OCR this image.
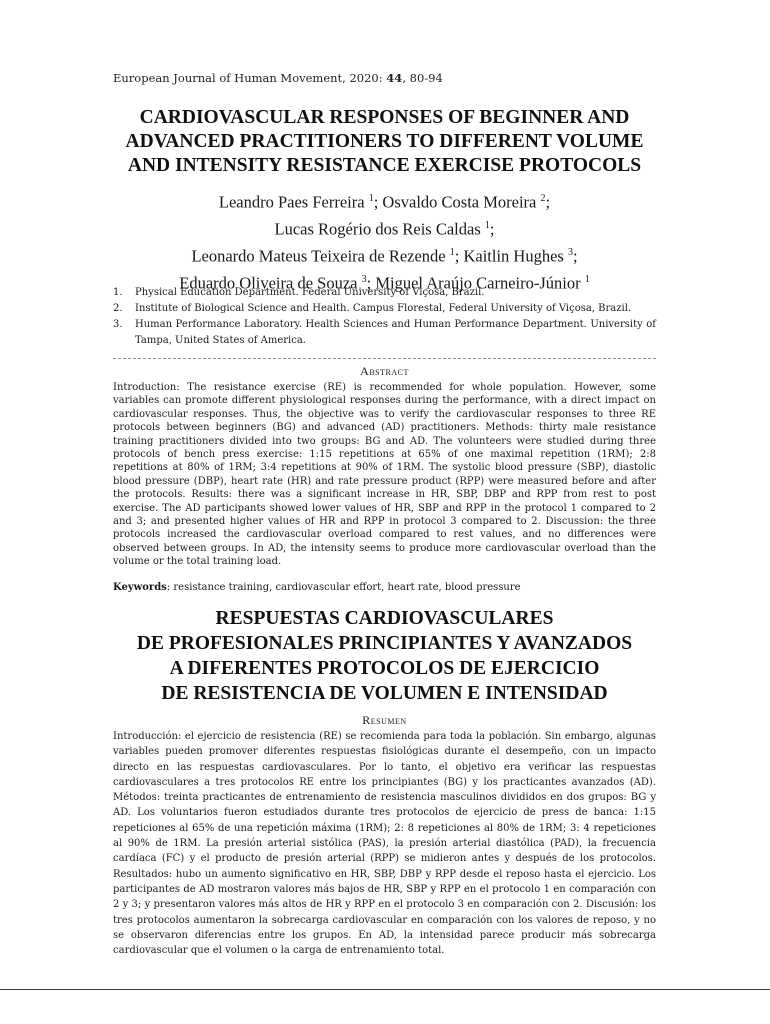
European Journal of Human Movement, 2020: 44, 80-94
CARDIOVASCULAR RESPONSES OF BEGINNER AND
ADVANCED PRACTITIONERS TO DIFFERENT VOLUME
AND INTENSITY RESISTANCE EXERCISE PROTOCOLS
Leandro Paes Ferreira $^1$; Osvaldo Costa Moreira $^2$;
Lucas Rogério dos Reis Caldas $^1$;
Leonardo Mateus Teixeira de Rezende $^1$; Kaitlin Hughes $^3$;
Eduardo Oliveira de Souza $^3$; Miguel Araújo Carneiro-Júnior $^1$
1.	Physical Education Department. Federal University of Viçosa, Brazil.
2.	Institute of Biological Science and Health. Campus Florestal, Federal University of Viçosa, Brazil.
3.	Human Performance Laboratory. Health Sciences and Human Performance Department. University of Tampa, United States of America.
Abstract
Introduction: The resistance exercise (RE) is recommended for whole population. However, some variables can promote different physiological responses during the performance, with a direct impact on cardiovascular responses. Thus, the objective was to verify the cardiovascular responses to three RE protocols between beginners (BG) and advanced (AD) practitioners. Methods: thirty male resistance training practitioners divided into two groups: BG and AD. The volunteers were studied during three protocols of bench press exercise: 1:15 repetitions at 65% of one maximal repetition (1RM); 2:8 repetitions at 80% of 1RM; 3:4 repetitions at 90% of 1RM. The systolic blood pressure (SBP), diastolic blood pressure (DBP), heart rate (HR) and rate pressure product (RPP) were measured before and after the protocols. Results: there was a significant increase in HR, SBP, DBP and RPP from rest to post exercise. The AD participants showed lower values of HR, SBP and RPP in the protocol 1 compared to 2 and 3; and presented higher values of HR and RPP in protocol 3 compared to 2. Discussion: the three protocols increased the cardiovascular overload compared to rest values, and no differences were observed between groups. In AD, the intensity seems to produce more cardiovascular overload than the volume or the total training load.
Keywords: resistance training, cardiovascular effort, heart rate, blood pressure
RESPUESTAS CARDIOVASCULARES
DE PROFESIONALES PRINCIPIANTES Y AVANZADOS
A DIFERENTES PROTOCOLOS DE EJERCICIO
DE RESISTENCIA DE VOLUMEN E INTENSIDAD
Resumen
Introducción: el ejercicio de resistencia (RE) se recomienda para toda la población. Sin embargo, algunas variables pueden promover diferentes respuestas fisiológicas durante el desempeño, con un impacto directo en las respuestas cardiovasculares. Por lo tanto, el objetivo era verificar las respuestas cardiovasculares a tres protocolos RE entre los principiantes (BG) y los practicantes avanzados (AD). Métodos: treinta practicantes de entrenamiento de resistencia masculinos divididos en dos grupos: BG y AD. Los voluntarios fueron estudiados durante tres protocolos de ejercicio de press de banca: 1:15 repeticiones al 65% de una repetición máxima (1RM); 2: 8 repeticiones al 80% de 1RM; 3: 4 repeticiones al 90% de 1RM. La presión arterial sistólica (PAS), la presión arterial diastólica (PAD), la frecuencia cardíaca (FC) y el producto de presión arterial (RPP) se midieron antes y después de los protocolos. Resultados: hubo un aumento significativo en HR, SBP, DBP y RPP desde el reposo hasta el ejercicio. Los participantes de AD mostraron valores más bajos de HR, SBP y RPP en el protocolo 1 en comparación con 2 y 3; y presentaron valores más altos de HR y RPP en el protocolo 3 en comparación con 2. Discusión: los tres protocolos aumentaron la sobrecarga cardiovascular en comparación con los valores de reposo, y no se observaron diferencias entre los grupos. En AD, la intensidad parece producir más sobrecarga cardiovascular que el volumen o la carga de entrenamiento total.
